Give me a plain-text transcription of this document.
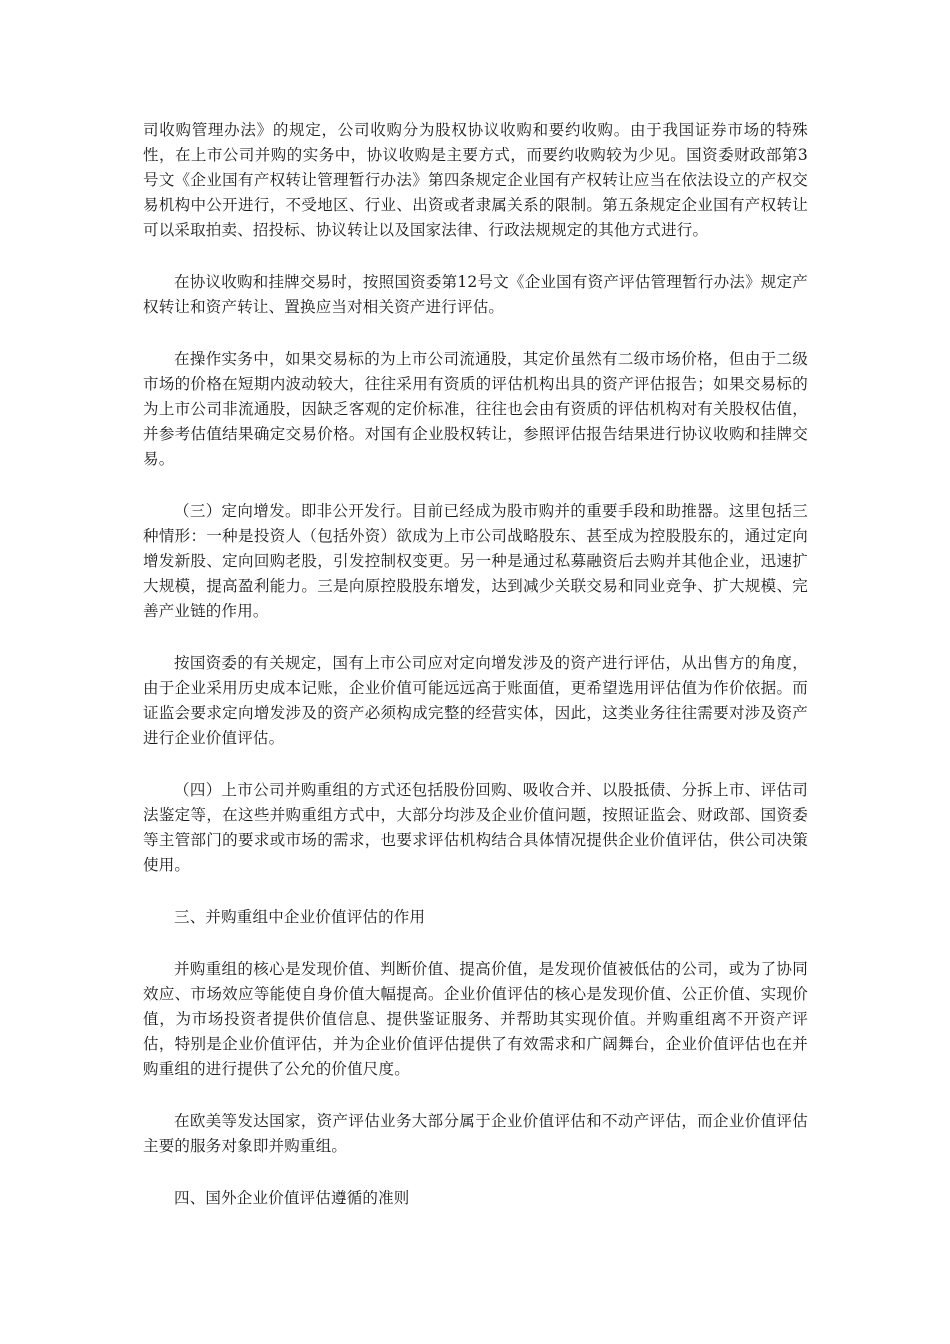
司收购管理办法》的规定，公司收购分为股权协议收购和要约收购。由于我国证券市场的特殊性，在上市公司并购的实务中，协议收购是主要方式，而要约收购较为少见。国资委财政部第3号文《企业国有产权转让管理暂行办法》第四条规定企业国有产权转让应当在依法设立的产权交易机构中公开进行，不受地区、行业、出资或者隶属关系的限制。第五条规定企业国有产权转让可以采取拍卖、招投标、协议转让以及国家法律、行政法规规定的其他方式进行。

在协议收购和挂牌交易时，按照国资委第12号文《企业国有资产评估管理暂行办法》规定产权转让和资产转让、置换应当对相关资产进行评估。

在操作实务中，如果交易标的为上市公司流通股，其定价虽然有二级市场价格，但由于二级市场的价格在短期内波动较大，往往采用有资质的评估机构出具的资产评估报告；如果交易标的为上市公司非流通股，因缺乏客观的定价标准，往往也会由有资质的评估机构对有关股权估值，并参考估值结果确定交易价格。对国有企业股权转让，参照评估报告结果进行协议收购和挂牌交易。

（三）定向增发。即非公开发行。目前已经成为股市购并的重要手段和助推器。这里包括三种情形：一种是投资人（包括外资）欲成为上市公司战略股东、甚至成为控股股东的，通过定向增发新股、定向回购老股，引发控制权变更。另一种是通过私募融资后去购并其他企业，迅速扩大规模，提高盈利能力。三是向原控股股东增发，达到减少关联交易和同业竞争、扩大规模、完善产业链的作用。

按国资委的有关规定，国有上市公司应对定向增发涉及的资产进行评估，从出售方的角度，由于企业采用历史成本记账，企业价值可能远远高于账面值，更希望选用评估值为作价依据。而证监会要求定向增发涉及的资产必须构成完整的经营实体，因此，这类业务往往需要对涉及资产进行企业价值评估。

（四）上市公司并购重组的方式还包括股份回购、吸收合并、以股抵债、分拆上市、评估司法鉴定等，在这些并购重组方式中，大部分均涉及企业价值问题，按照证监会、财政部、国资委等主管部门的要求或市场的需求，也要求评估机构结合具体情况提供企业价值评估，供公司决策使用。

三、并购重组中企业价值评估的作用

并购重组的核心是发现价值、判断价值、提高价值，是发现价值被低估的公司，或为了协同效应、市场效应等能使自身价值大幅提高。企业价值评估的核心是发现价值、公正价值、实现价值，为市场投资者提供价值信息、提供鉴证服务、并帮助其实现价值。并购重组离不开资产评估，特别是企业价值评估，并为企业价值评估提供了有效需求和广阔舞台，企业价值评估也在并购重组的进行提供了公允的价值尺度。

在欧美等发达国家，资产评估业务大部分属于企业价值评估和不动产评估，而企业价值评估主要的服务对象即并购重组。

四、国外企业价值评估遵循的准则
